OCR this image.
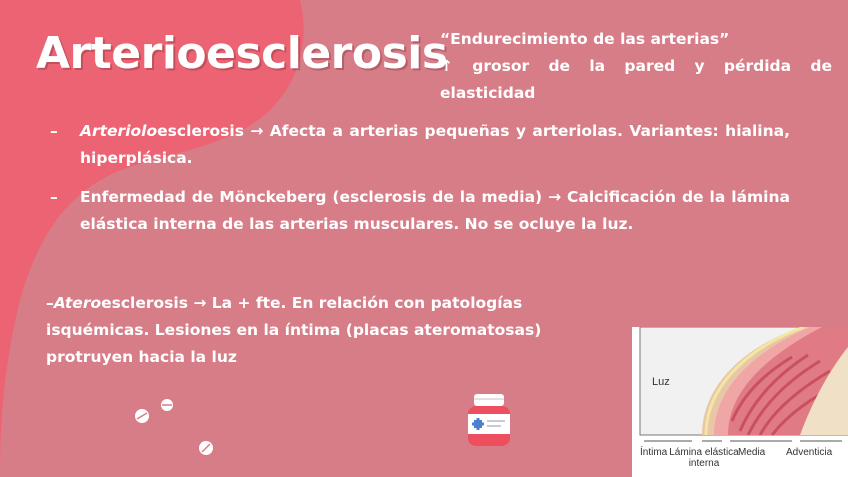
Arterioesclerosis
“Endurecimiento de las arterias”
↑ grosor de la pared y pérdida de elasticidad
–	Arterioloesclerosis → Afecta a arterias pequeñas y arteriolas. Variantes: hialina, hiperplásica.
–	Enfermedad de Mönckeberg (esclerosis de la media) → Calcificación de la lámina elástica interna de las arterias musculares. No se ocluye la luz.
–Ateroesclerosis → La + fte. En relación con patologías isquémicas. Lesiones en la íntima (placas ateromatosas) protruyen hacia la luz
Luz
Íntima Lámina elástica interna
Media Adventicia
